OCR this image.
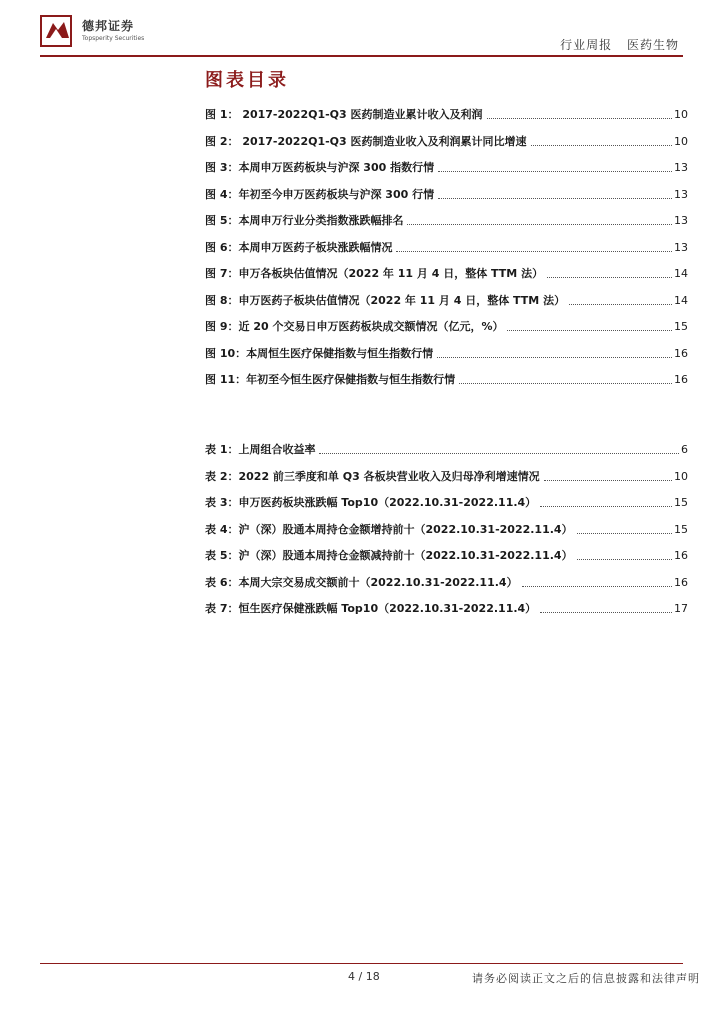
德邦证券
Topsperity Securities	行业周报 医药生物
图表目录
图 1： 2017-2022Q1-Q3 医药制造业累计收入及利润	10
图 2： 2017-2022Q1-Q3 医药制造业收入及利润累计同比增速	10
图 3：本周申万医药板块与沪深 300 指数行情	13
图 4：年初至今申万医药板块与沪深 300 行情	13
图 5：本周申万行业分类指数涨跌幅排名	13
图 6：本周申万医药子板块涨跌幅情况	13
图 7：申万各板块估值情况（2022 年 11 月 4 日，整体 TTM 法）	14
图 8：申万医药子板块估值情况（2022 年 11 月 4 日，整体 TTM 法）	14
图 9：近 20 个交易日申万医药板块成交额情况（亿元，%）	15
图 10：本周恒生医疗保健指数与恒生指数行情	16
图 11：年初至今恒生医疗保健指数与恒生指数行情	16
表 1：上周组合收益率	6
表 2：2022 前三季度和单 Q3 各板块营业收入及归母净利增速情况	10
表 3：申万医药板块涨跌幅 Top10（2022.10.31-2022.11.4）	15
表 4：沪（深）股通本周持仓金额增持前十（2022.10.31-2022.11.4）	15
表 5：沪（深）股通本周持仓金额减持前十（2022.10.31-2022.11.4）	16
表 6：本周大宗交易成交额前十（2022.10.31-2022.11.4）	16
表 7：恒生医疗保健涨跌幅 Top10（2022.10.31-2022.11.4）	17
4 / 18	请务必阅读正文之后的信息披露和法律声明
